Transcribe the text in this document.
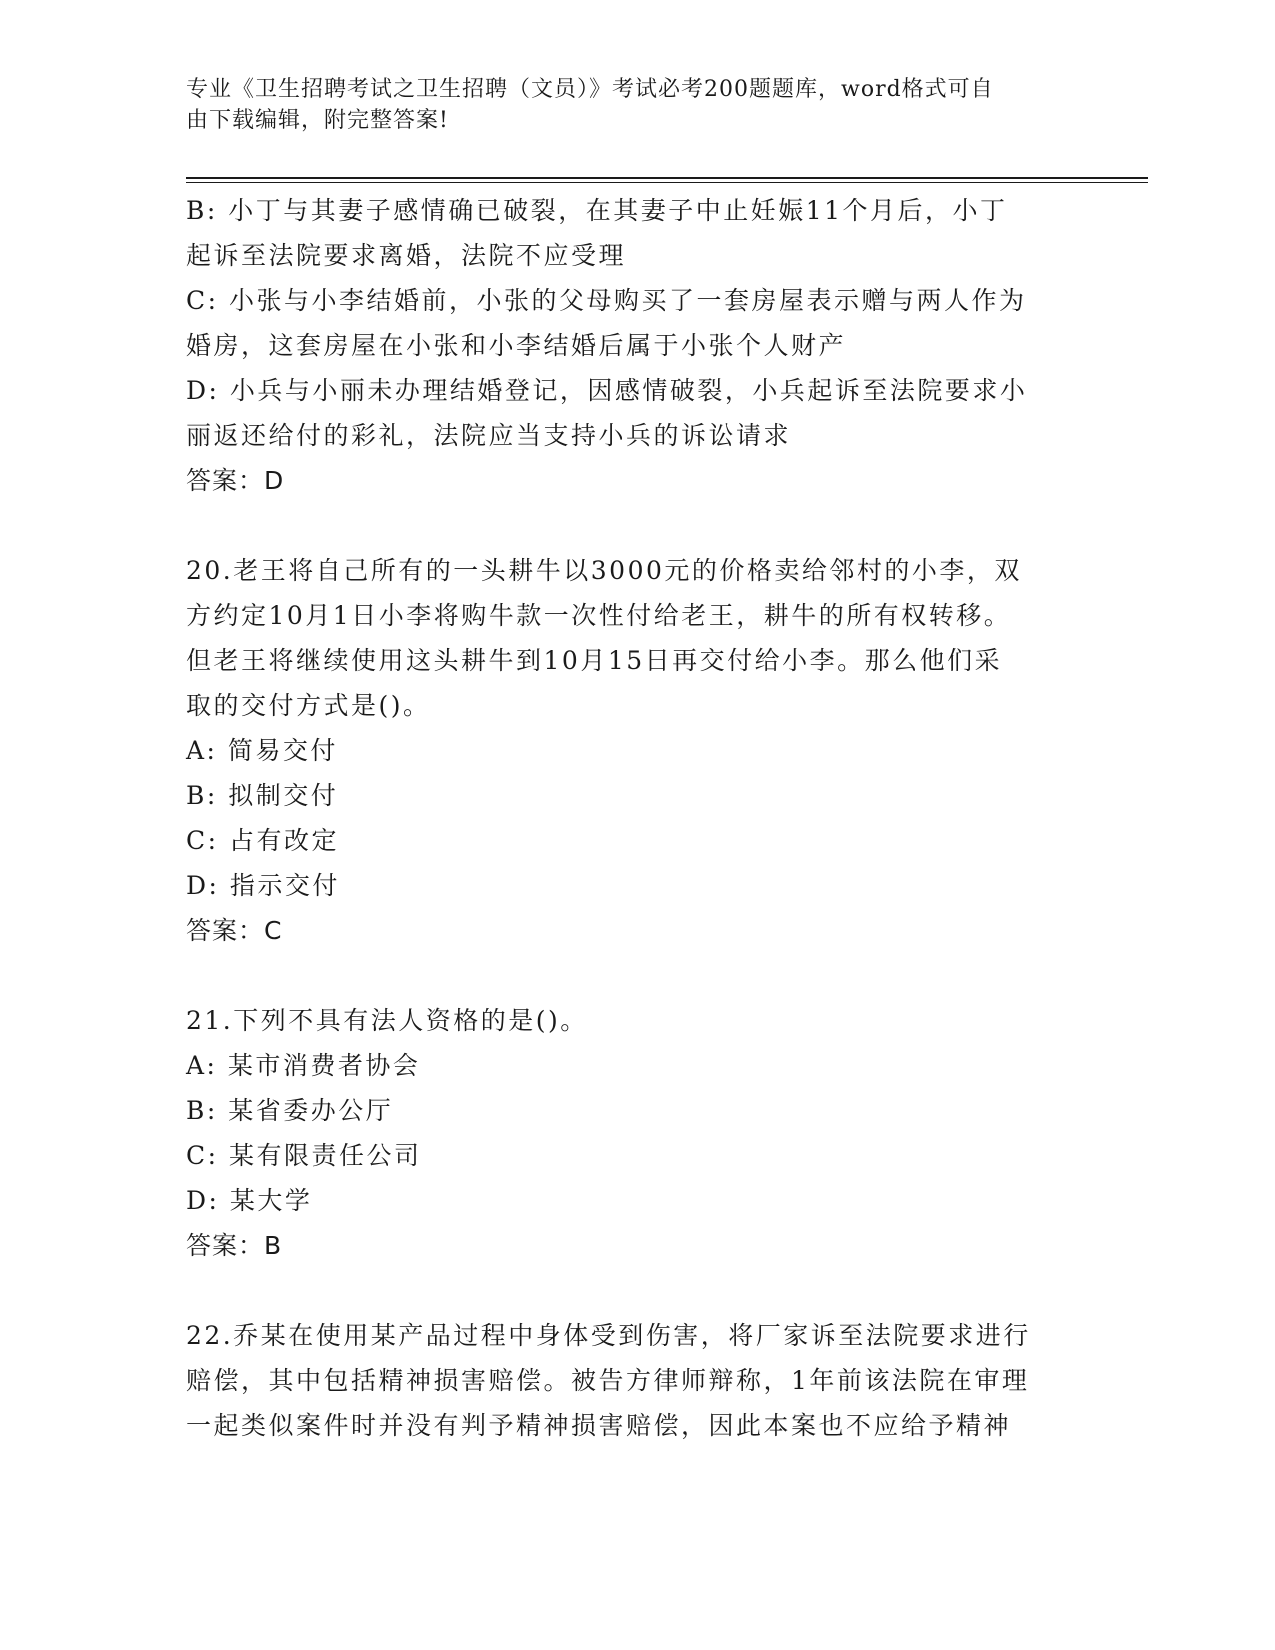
专业《卫生招聘考试之卫生招聘（文员）》考试必考200题题库，word格式可自
由下载编辑，附完整答案!
B: 小丁与其妻子感情确已破裂，在其妻子中止妊娠11个月后，小丁
起诉至法院要求离婚，法院不应受理
C: 小张与小李结婚前，小张的父母购买了一套房屋表示赠与两人作为
婚房，这套房屋在小张和小李结婚后属于小张个人财产
D: 小兵与小丽未办理结婚登记，因感情破裂，小兵起诉至法院要求小
丽返还给付的彩礼，法院应当支持小兵的诉讼请求
答案：D
20.老王将自己所有的一头耕牛以3000元的价格卖给邻村的小李，双
方约定10月1日小李将购牛款一次性付给老王，耕牛的所有权转移。
但老王将继续使用这头耕牛到10月15日再交付给小李。那么他们采
取的交付方式是()。
A: 简易交付
B: 拟制交付
C: 占有改定
D: 指示交付
答案：C
21.下列不具有法人资格的是()。
A: 某市消费者协会
B: 某省委办公厅
C: 某有限责任公司
D: 某大学
答案：B
22.乔某在使用某产品过程中身体受到伤害，将厂家诉至法院要求进行
赔偿，其中包括精神损害赔偿。被告方律师辩称，1年前该法院在审理
一起类似案件时并没有判予精神损害赔偿，因此本案也不应给予精神
